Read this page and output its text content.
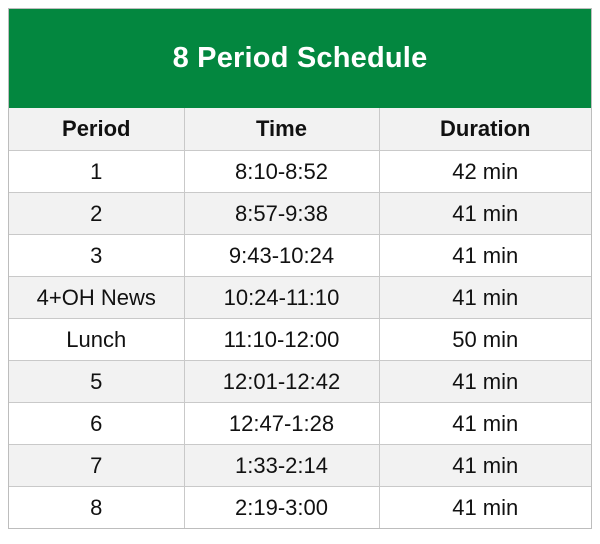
8 Period Schedule
Period	Time	Duration
1	8:10-8:52	42 min
2	8:57-9:38	41 min
3	9:43-10:24	41 min
4+OH News	10:24-11:10	41 min
Lunch	11:10-12:00	50 min
5	12:01-12:42	41 min
6	12:47-1:28	41 min
7	1:33-2:14	41 min
8	2:19-3:00	41 min
